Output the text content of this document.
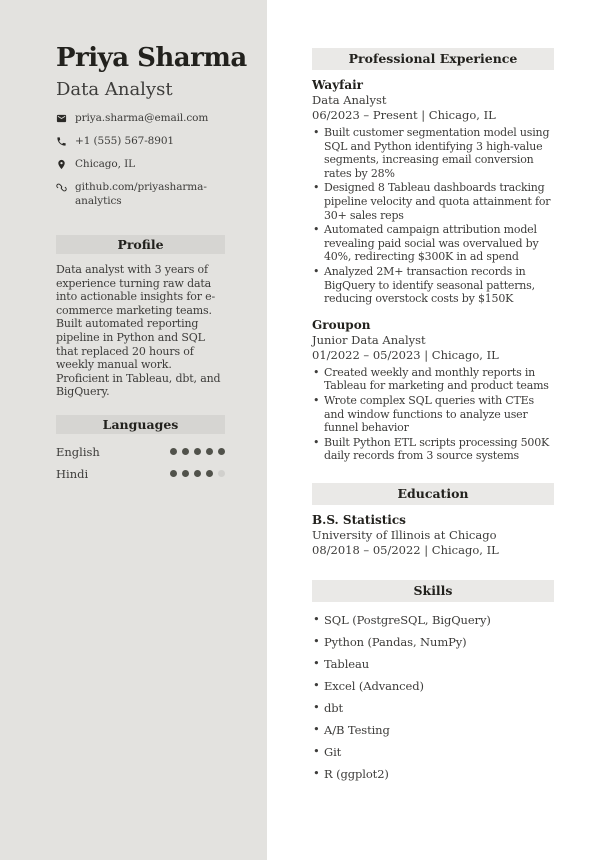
Priya Sharma
Data Analyst
priya.sharma@email.com
+1 (555) 567-8901
Chicago, IL
github.com/priyasharma-analytics
Profile

Data analyst with 3 years of experience turning raw data into actionable insights for e-commerce marketing teams. Built automated reporting pipeline in Python and SQL that replaced 20 hours of weekly manual work. Proficient in Tableau, dbt, and BigQuery.

Languages
English
Hindi
Professional Experience
Wayfair
Data Analyst
06/2023 – Present | Chicago, IL
• Built customer segmentation model using SQL and Python identifying 3 high-value segments, increasing email conversion rates by 28%
• Designed 8 Tableau dashboards tracking pipeline velocity and quota attainment for 30+ sales reps
• Automated campaign attribution model revealing paid social was overvalued by 40%, redirecting $300K in ad spend
• Analyzed 2M+ transaction records in BigQuery to identify seasonal patterns, reducing overstock costs by $150K
Groupon
Junior Data Analyst
01/2022 – 05/2023 | Chicago, IL
• Created weekly and monthly reports in Tableau for marketing and product teams
• Wrote complex SQL queries with CTEs and window functions to analyze user funnel behavior
• Built Python ETL scripts processing 500K daily records from 3 source systems
Education
B.S. Statistics
University of Illinois at Chicago
08/2018 – 05/2022 | Chicago, IL
Skills
• SQL (PostgreSQL, BigQuery)
• Python (Pandas, NumPy)
• Tableau
• Excel (Advanced)
• dbt
• A/B Testing
• Git
• R (ggplot2)
